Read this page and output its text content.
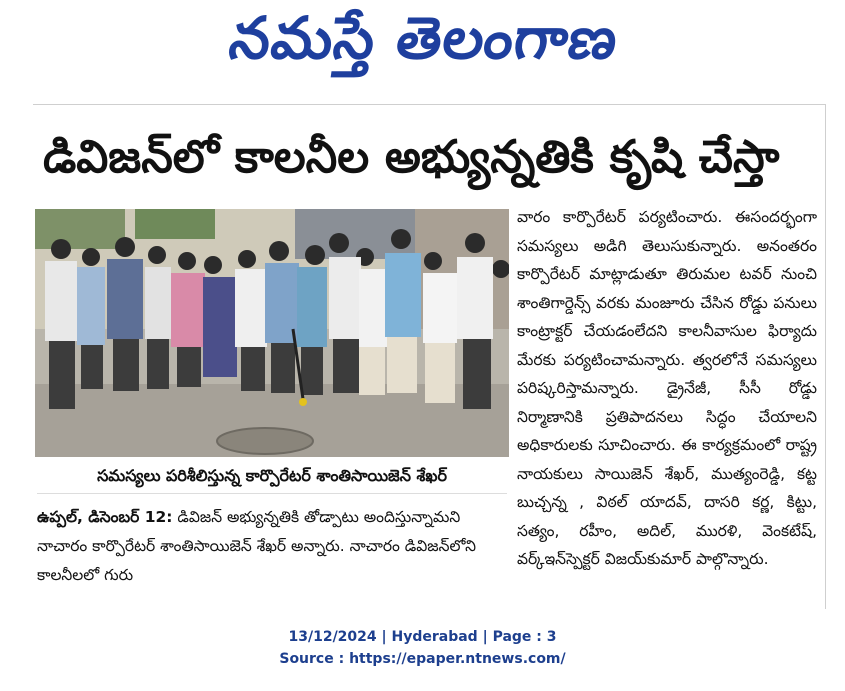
నమస్తే తెలంగాణ
డివిజన్‌లో కాలనీల అభ్యున్నతికి కృషి చేస్తా
సమస్యలు పరిశీలిస్తున్న కార్పొరేటర్ శాంతిసాయిజెన్ శేఖర్
ఉప్పల్, డిసెంబర్ 12: డివిజన్ అభ్యున్నతికి తోడ్పాటు అందిస్తున్నామని నాచారం కార్పొరేటర్ శాంతిసాయిజెన్ శేఖర్ అన్నారు. నాచారం డివిజన్‌లోని కాలనీలలో గురు
వారం కార్పొరేటర్ పర్యటించారు. ఈసందర్భంగా సమస్యలు అడిగి తెలుసుకున్నారు. అనంతరం కార్పొరేటర్ మాట్లాడుతూ తిరుమల టవర్ నుంచి శాంతిగార్డెన్స్ వరకు మంజూరు చేసిన రోడ్డు పనులు కాంట్రాక్టర్ చేయడంలేదని కాలనీవాసుల ఫిర్యాదు మేరకు పర్యటించామన్నారు. త్వరలోనే సమస్యలు పరిష్కరిస్తామన్నారు. డ్రైనేజీ, సీసీ రోడ్డు నిర్మాణానికి ప్రతిపాదనలు సిద్ధం చేయాలని అధికారులకు సూచించారు. ఈ కార్యక్రమంలో రాష్ట్ర నాయకులు సాయిజెన్ శేఖర్, ముత్యంరెడ్డి, కట్ట బుచ్చన్న , విఠల్ యాదవ్, దాసరి కర్ణ, కిట్టు, సత్యం, రహీం, అదిల్, మురళి, వెంకటేష్, వర్క్ఇన్‌స్పెక్టర్ విజయ్‌కుమార్ పాల్గొన్నారు.
13/12/2024 | Hyderabad | Page : 3
Source : https://epaper.ntnews.com/
